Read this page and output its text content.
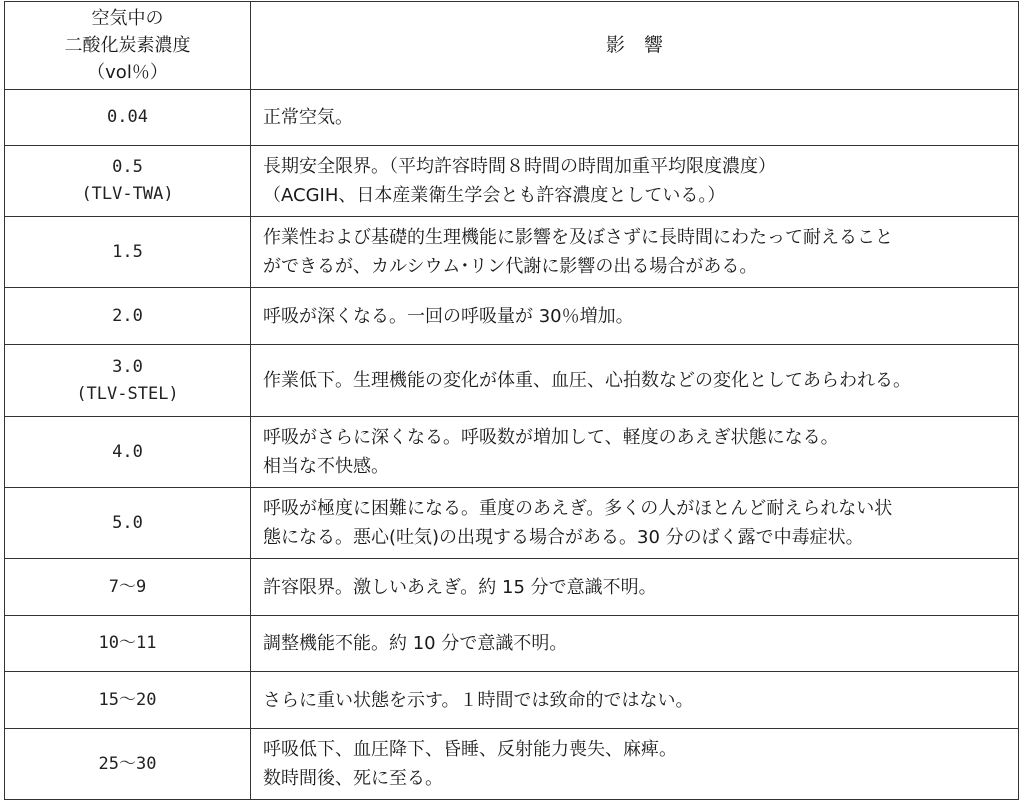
空気中の
二酸化炭素濃度
（vol％）	影　響

0.04	正常空気。

0.5
(TLV-TWA)	長期安全限界。（平均許容時間８時間の時間加重平均限度濃度）
（ACGIH、日本産業衛生学会とも許容濃度としている。）

1.5	作業性および基礎的生理機能に影響を及ぼさずに長時間にわたって耐えること
ができるが、カルシウム･リン代謝に影響の出る場合がある。

2.0	呼吸が深くなる。一回の呼吸量が 30％増加。

3.0
(TLV-STEL)	作業低下。生理機能の変化が体重、血圧、心拍数などの変化としてあらわれる。

4.0	呼吸がさらに深くなる。呼吸数が増加して、軽度のあえぎ状態になる。
相当な不快感。

5.0	呼吸が極度に困難になる。重度のあえぎ。多くの人がほとんど耐えられない状
態になる。悪心(吐気)の出現する場合がある。30 分のばく露で中毒症状。

7～9	許容限界。激しいあえぎ。約 15 分で意識不明。

10～11	調整機能不能。約 10 分で意識不明。

15～20	さらに重い状態を示す。１時間では致命的ではない。

25～30	呼吸低下、血圧降下、昏睡、反射能力喪失、麻痺。
数時間後、死に至る。
